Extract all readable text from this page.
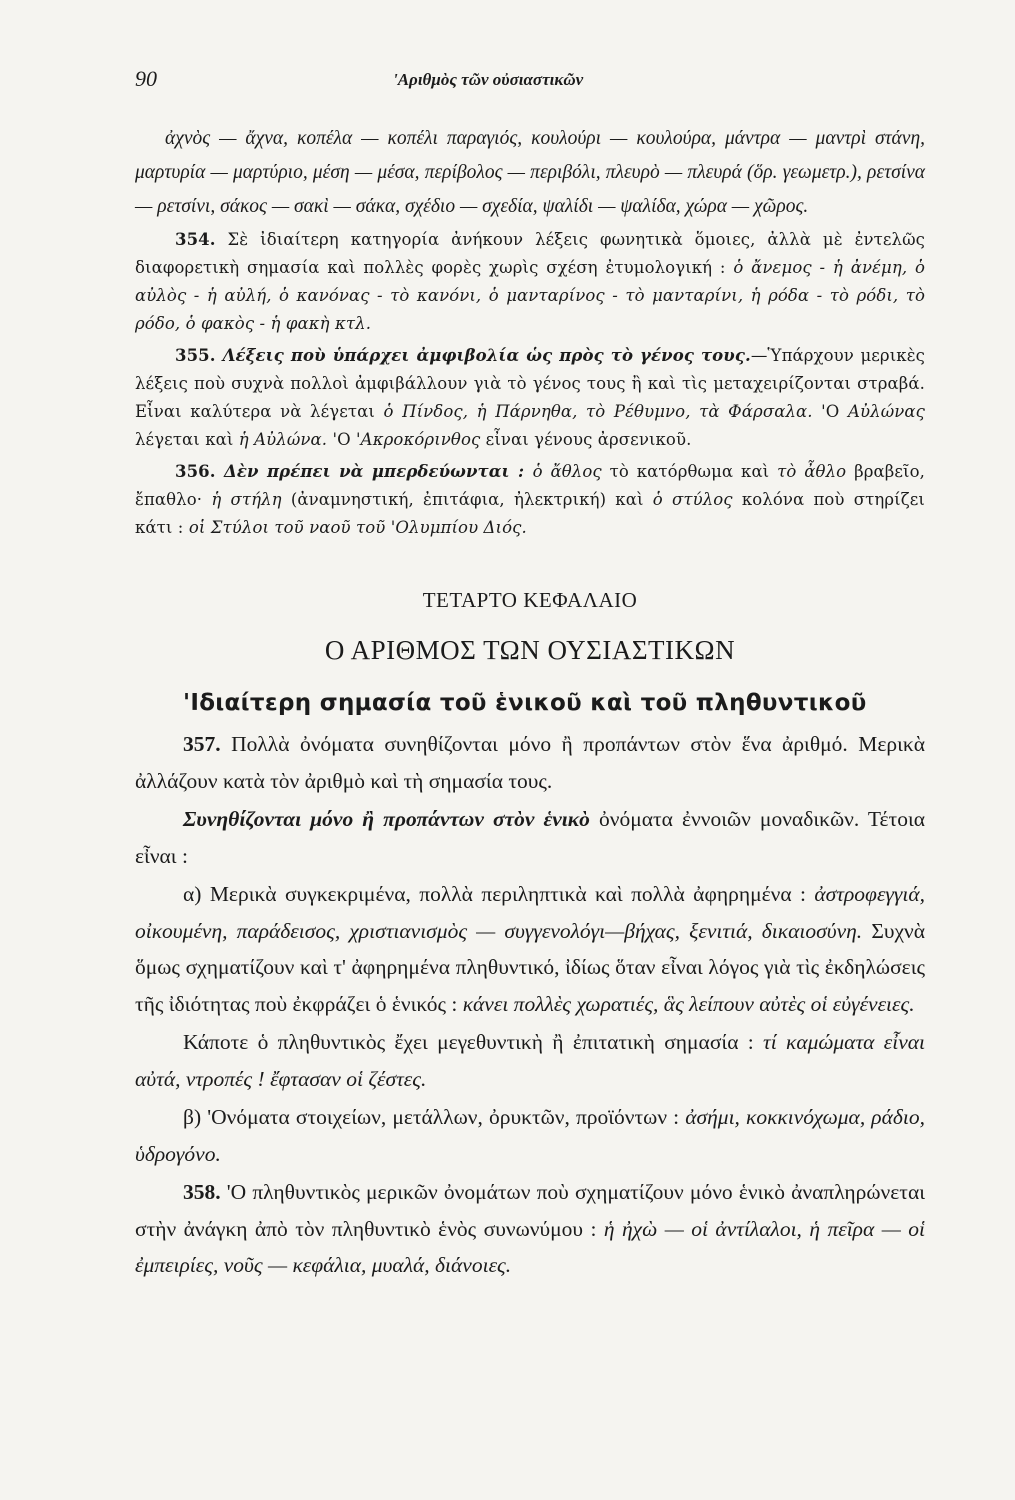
90	'Αριθμὸς τῶν οὐσιαστικῶν

ἀχνὸς — ἄχνα, κοπέλα — κοπέλι παραγιός, κουλούρι — κουλούρα, μάντρα — μαντρὶ στάνη, μαρτυρία — μαρτύριο, μέση — μέσα, περίβολος — περιβόλι, πλευρὸ — πλευρά (ὅρ. γεωμετρ.), ρετσίνα — ρετσίνι, σάκος — σακὶ — σάκα, σχέδιο — σχεδία, ψαλίδι — ψαλίδα, χώρα — χῶρος.

354. Σὲ ἰδιαίτερη κατηγορία ἀνήκουν λέξεις φωνητικὰ ὅμοιες, ἀλλὰ μὲ ἐντελῶς διαφορετικὴ σημασία καὶ πολλὲς φορὲς χωρὶς σχέση ἐτυμολογική : ὁ ἄνεμος - ἡ ἀνέμη, ὁ αὐλὸς - ἡ αὐλή, ὁ κανόνας - τὸ κανόνι, ὁ μανταρίνος - τὸ μανταρίνι, ἡ ρόδα - τὸ ρόδι, τὸ ρόδο, ὁ φακὸς - ἡ φακὴ κτλ.

355. Λέξεις ποὺ ὑπάρχει ἀμφιβολία ὡς πρὸς τὸ γένος τους.—Ὑπάρχουν μερικὲς λέξεις ποὺ συχνὰ πολλοὶ ἀμφιβάλλουν γιὰ τὸ γένος τους ἢ καὶ τὶς μεταχειρίζονται στραβά. Εἶναι καλύτερα νὰ λέγεται ὁ Πίνδος, ἡ Πάρνηθα, τὸ Ρέθυμνο, τὰ Φάρσαλα. 'Ο Αὐλώνας λέγεται καὶ ἡ Αὐλώνα. 'Ο 'Ακροκόρινθος εἶναι γένους ἀρσενικοῦ.

356. Δὲν πρέπει νὰ μπερδεύωνται : ὁ ἄθλος τὸ κατόρθωμα καὶ τὸ ἆθλο βραβεῖο, ἔπαθλο· ἡ στήλη (ἀναμνηστική, ἐπιτάφια, ἠλεκτρική) καὶ ὁ στύλος κολόνα ποὺ στηρίζει κάτι : οἱ Στύλοι τοῦ ναοῦ τοῦ 'Ολυμπίου Διός.

ΤΕΤΑΡΤΟ ΚΕΦΑΛΑΙΟ
Ο ΑΡΙΘΜΟΣ ΤΩΝ ΟΥΣΙΑΣΤΙΚΩΝ
'Ιδιαίτερη σημασία τοῦ ἑνικοῦ καὶ τοῦ πληθυντικοῦ

357. Πολλὰ ὀνόματα συνηθίζονται μόνο ἢ προπάντων στὸν ἕνα ἀριθμό. Μερικὰ ἀλλάζουν κατὰ τὸν ἀριθμὸ καὶ τὴ σημασία τους.

Συνηθίζονται μόνο ἢ προπάντων στὸν ἑνικὸ ὀνόματα ἐννοιῶν μοναδικῶν. Τέτοια εἶναι :

α) Μερικὰ συγκεκριμένα, πολλὰ περιληπτικὰ καὶ πολλὰ ἀφηρημένα : ἀστροφεγγιά, οἰκουμένη, παράδεισος, χριστιανισμὸς — συγγενολόγι—βήχας, ξενιτιά, δικαιοσύνη. Συχνὰ ὅμως σχηματίζουν καὶ τ' ἀφηρημένα πληθυντικό, ἰδίως ὅταν εἶναι λόγος γιὰ τὶς ἐκδηλώσεις τῆς ἰδιότητας ποὺ ἐκφράζει ὁ ἑνικός : κάνει πολλὲς χωρατιές, ἃς λείπουν αὐτὲς οἱ εὐγένειες.

Κάποτε ὁ πληθυντικὸς ἔχει μεγεθυντικὴ ἢ ἐπιτατικὴ σημασία : τί καμώματα εἶναι αὐτά, ντροπές ! ἔφτασαν οἱ ζέστες.

β) 'Ονόματα στοιχείων, μετάλλων, ὀρυκτῶν, προϊόντων : ἀσήμι, κοκκινόχωμα, ράδιο, ὑδρογόνο.

358. 'Ο πληθυντικὸς μερικῶν ὀνομάτων ποὺ σχηματίζουν μόνο ἑνικὸ ἀναπληρώνεται στὴν ἀνάγκη ἀπὸ τὸν πληθυντικὸ ἑνὸς συνωνύμου : ἡ ἠχὼ — οἱ ἀντίλαλοι, ἡ πεῖρα — οἱ ἐμπειρίες, νοῦς — κεφάλια, μυαλά, διάνοιες.
